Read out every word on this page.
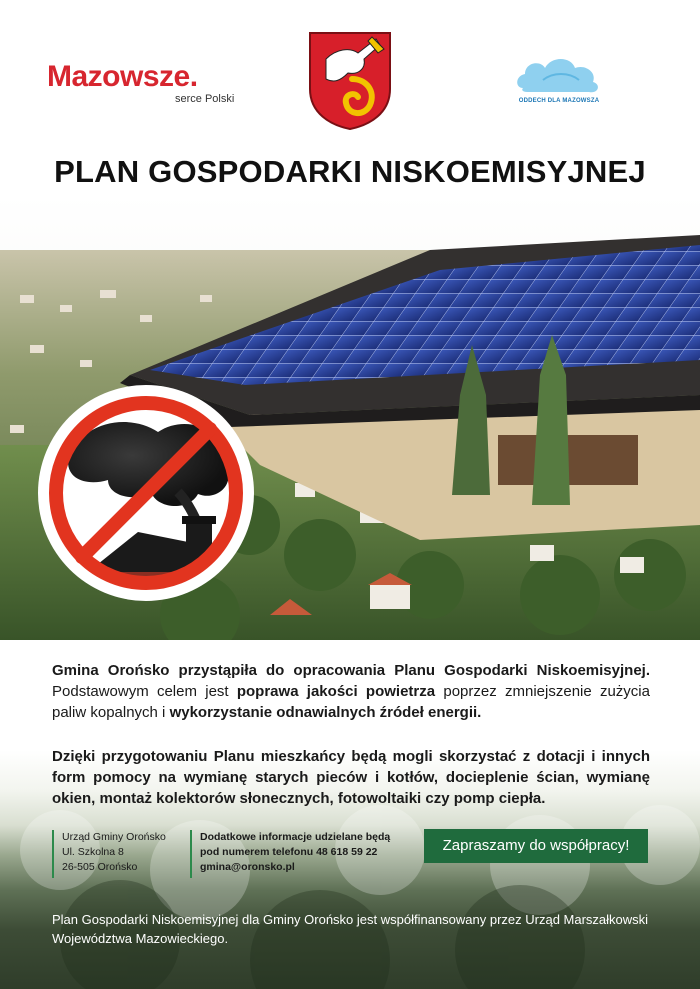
Mazowsze.
serce Polski	ODDECH DLA MAZOWSZA
PLAN GOSPODARKI NISKOEMISYJNEJ

Gmina Orońsko przystąpiła do opracowania Planu Gospodarki Niskoemisyjnej. Podstawowym celem jest poprawa jakości powietrza poprzez zmniejszenie zużycia paliw kopalnych i wykorzystanie odnawialnych źródeł energii.

Dzięki przygotowaniu Planu mieszkańcy będą mogli skorzystać z dotacji i innych form pomocy na wymianę starych pieców i kotłów, docieplenie ścian, wymianę okien, montaż kolektorów słonecznych, fotowoltaiki czy pomp ciepła.

Urząd Gminy Orońsko
Ul. Szkolna 8
26-505 Orońsko
Dodatkowe informacje udzielane będą
pod numerem telefonu 48 618 59 22
gmina@oronsko.pl
Zapraszamy do współpracy!

Plan Gospodarki Niskoemisyjnej dla Gminy Orońsko jest współfinansowany przez Urząd Marszałkowski Województwa Mazowieckiego.
